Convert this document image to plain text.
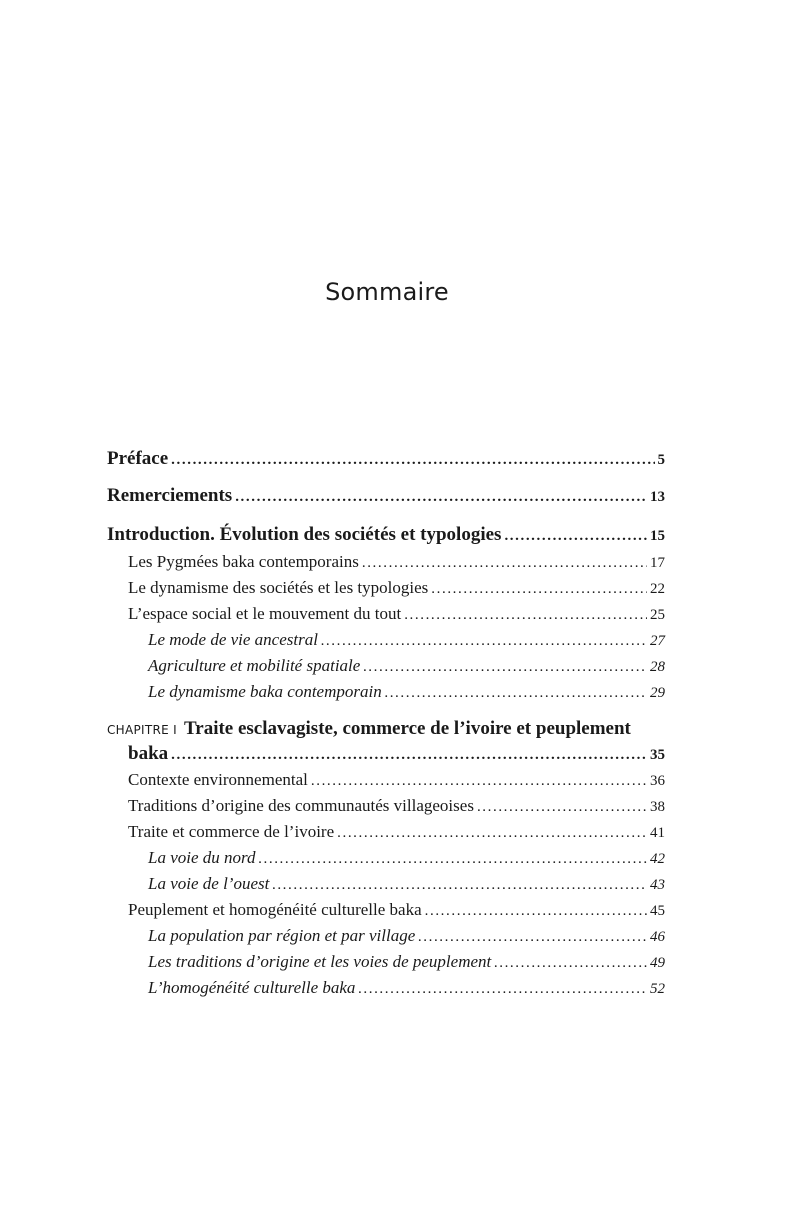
Sommaire
Préface .....	5
Remerciements .....	13
Introduction. Évolution des sociétés et typologies .....	15
Les Pygmées baka contemporains .....	17
Le dynamisme des sociétés et les typologies .....	22
L’espace social et le mouvement du tout .....	25
Le mode de vie ancestral .....	27
Agriculture et mobilité spatiale .....	28
Le dynamisme baka contemporain .....	29
CHAPITRE I Traite esclavagiste, commerce de l’ivoire et peuplement
baka .....	35
Contexte environnemental .....	36
Traditions d’origine des communautés villageoises .....	38
Traite et commerce de l’ivoire .....	41
La voie du nord .....	42
La voie de l’ouest .....	43
Peuplement et homogénéité culturelle baka .....	45
La population par région et par village .....	46
Les traditions d’origine et les voies de peuplement .....	49
L’homogénéité culturelle baka .....	52
